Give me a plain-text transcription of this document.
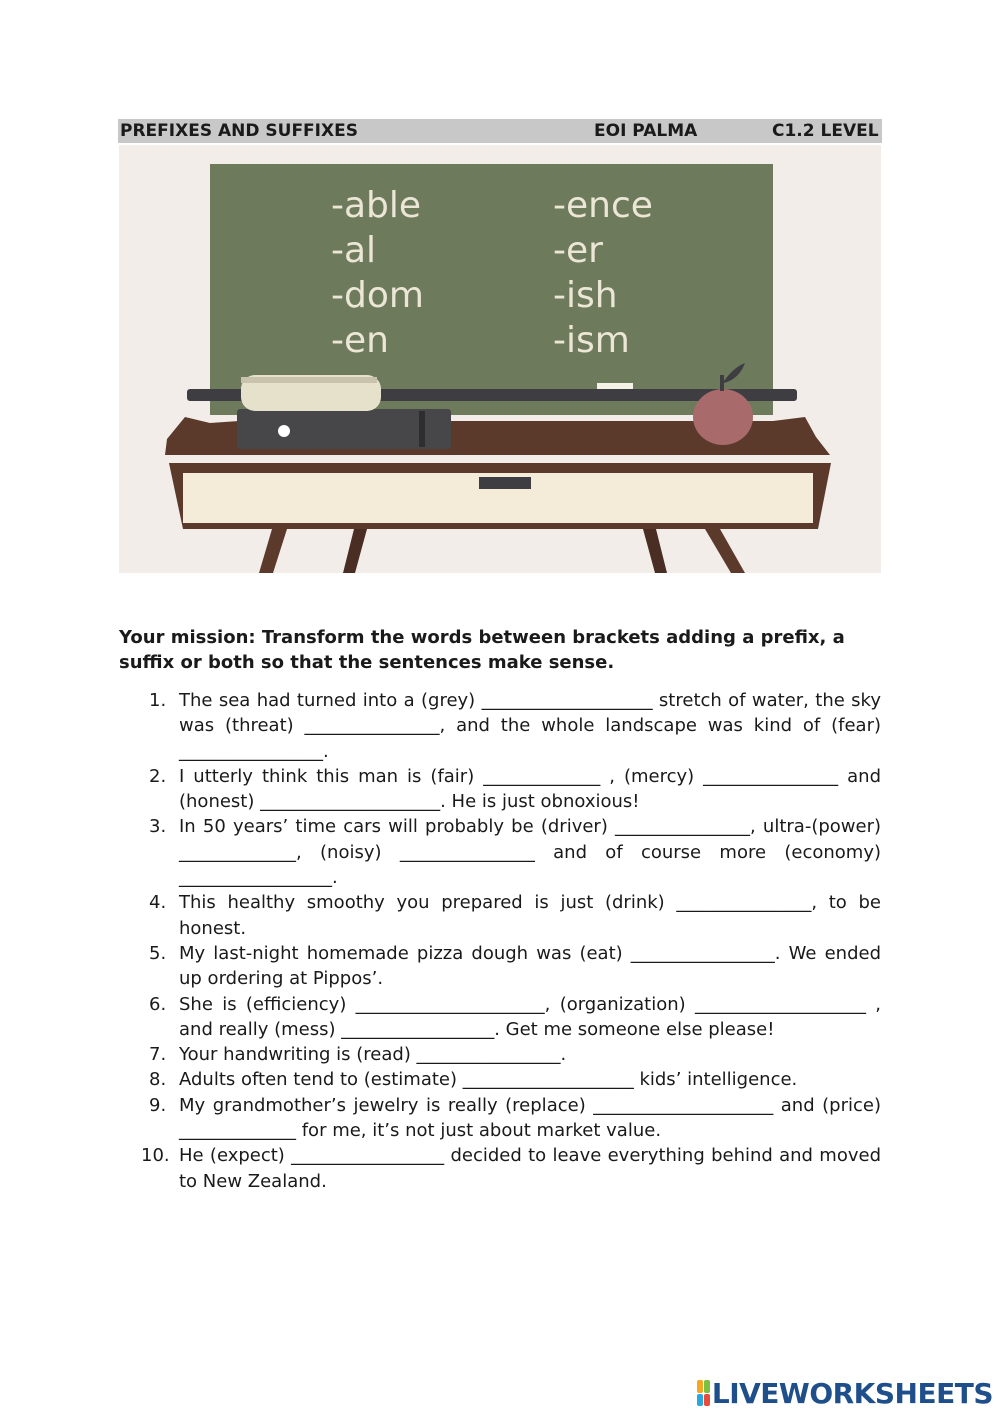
PREFIXES AND SUFFIXES	EOI PALMA	C1.2 LEVEL
-able
-al
-dom
-en
-ence
-er
-ish
-ism

Your mission: Transform the words between brackets adding a prefix, a suffix or both so that the sentences make sense.

1. The sea had turned into a (grey) ___________________ stretch of water, the sky was (threat) _______________, and the whole landscape was kind of (fear) ________________.
2. I utterly think this man is (fair) _____________ , (mercy) _______________ and (honest) ____________________. He is just obnoxious!
3. In 50 years’ time cars will probably be (driver) _______________, ultra-(power) _____________, (noisy) _______________ and of course more (economy) _________________.
4. This healthy smoothy you prepared is just (drink) _______________, to be honest.
5. My last-night homemade pizza dough was (eat) ________________. We ended up ordering at Pippos’.
6. She is (efficiency) _____________________, (organization) ___________________ , and really (mess) _________________. Get me someone else please!
7. Your handwriting is (read) ________________.
8. Adults often tend to (estimate) ___________________ kids’ intelligence.
9. My grandmother’s jewelry is really (replace) ____________________ and (price) _____________ for me, it’s not just about market value.
10. He (expect) _________________ decided to leave everything behind and moved to New Zealand.
LIVEWORKSHEETS
